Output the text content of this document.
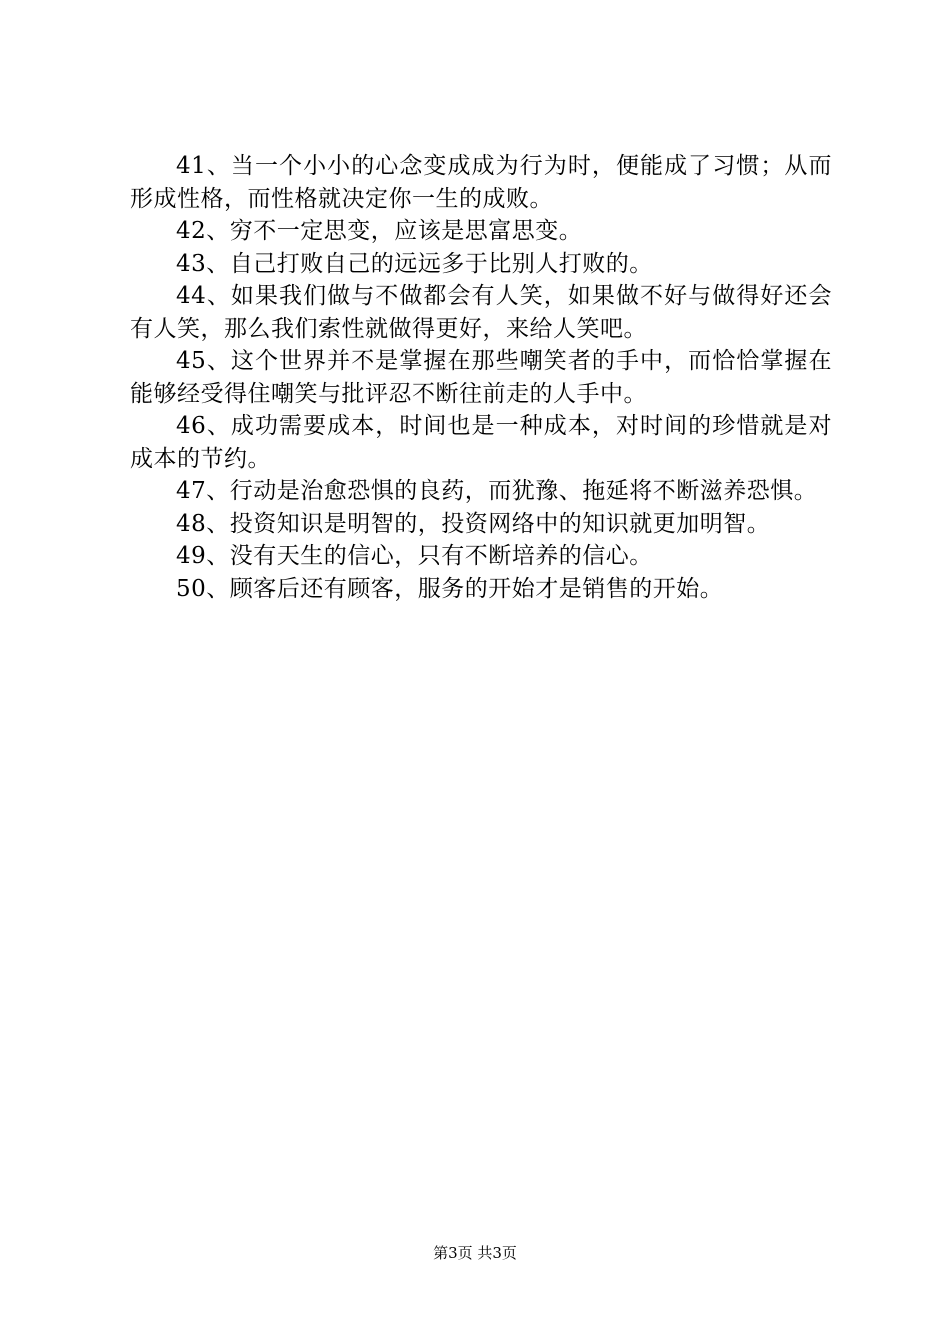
41、当一个小小的心念变成成为行为时，便能成了习惯；从而形成性格，而性格就决定你一生的成败。

42、穷不一定思变，应该是思富思变。

43、自己打败自己的远远多于比别人打败的。

44、如果我们做与不做都会有人笑，如果做不好与做得好还会有人笑，那么我们索性就做得更好，来给人笑吧。

45、这个世界并不是掌握在那些嘲笑者的手中，而恰恰掌握在能够经受得住嘲笑与批评忍不断往前走的人手中。

46、成功需要成本，时间也是一种成本，对时间的珍惜就是对成本的节约。

47、行动是治愈恐惧的良药，而犹豫、拖延将不断滋养恐惧。

48、投资知识是明智的，投资网络中的知识就更加明智。

49、没有天生的信心，只有不断培养的信心。

50、顾客后还有顾客，服务的开始才是销售的开始。

第3页 共3页
